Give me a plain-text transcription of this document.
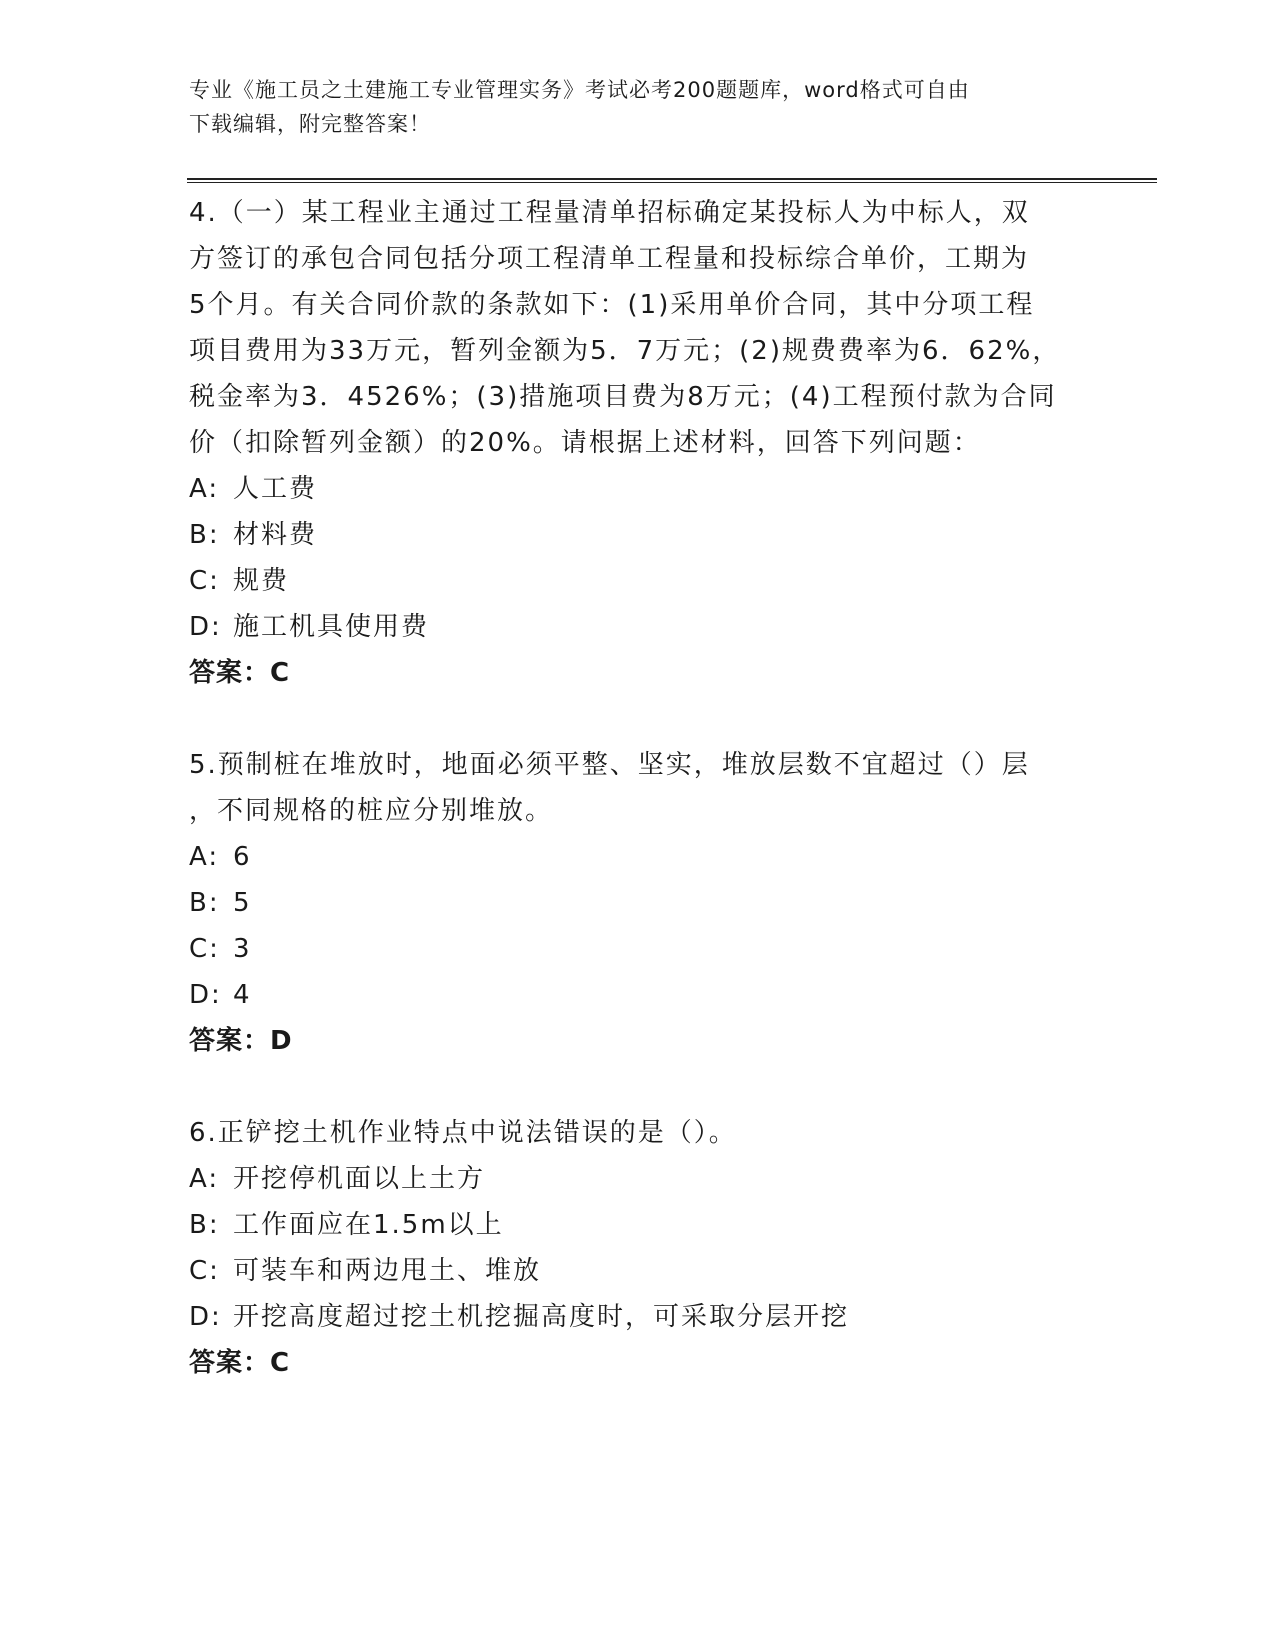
专业《施工员之土建施工专业管理实务》考试必考200题题库，word格式可自由
下载编辑，附完整答案！
4.（一）某工程业主通过工程量清单招标确定某投标人为中标人，双
方签订的承包合同包括分项工程清单工程量和投标综合单价，工期为
5个月。有关合同价款的条款如下：(1)采用单价合同，其中分项工程
项目费用为33万元，暂列金额为5．7万元；(2)规费费率为6．62%，
税金率为3．4526%；(3)措施项目费为8万元；(4)工程预付款为合同
价（扣除暂列金额）的20%。请根据上述材料，回答下列问题：
A: 人工费
B: 材料费
C: 规费
D: 施工机具使用费
答案：C
5.预制桩在堆放时，地面必须平整、坚实，堆放层数不宜超过（）层
，不同规格的桩应分别堆放。
A: 6
B: 5
C: 3
D: 4
答案：D
6.正铲挖土机作业特点中说法错误的是（）。
A: 开挖停机面以上土方
B: 工作面应在1.5m以上
C: 可装车和两边甩土、堆放
D: 开挖高度超过挖土机挖掘高度时，可采取分层开挖
答案：C
